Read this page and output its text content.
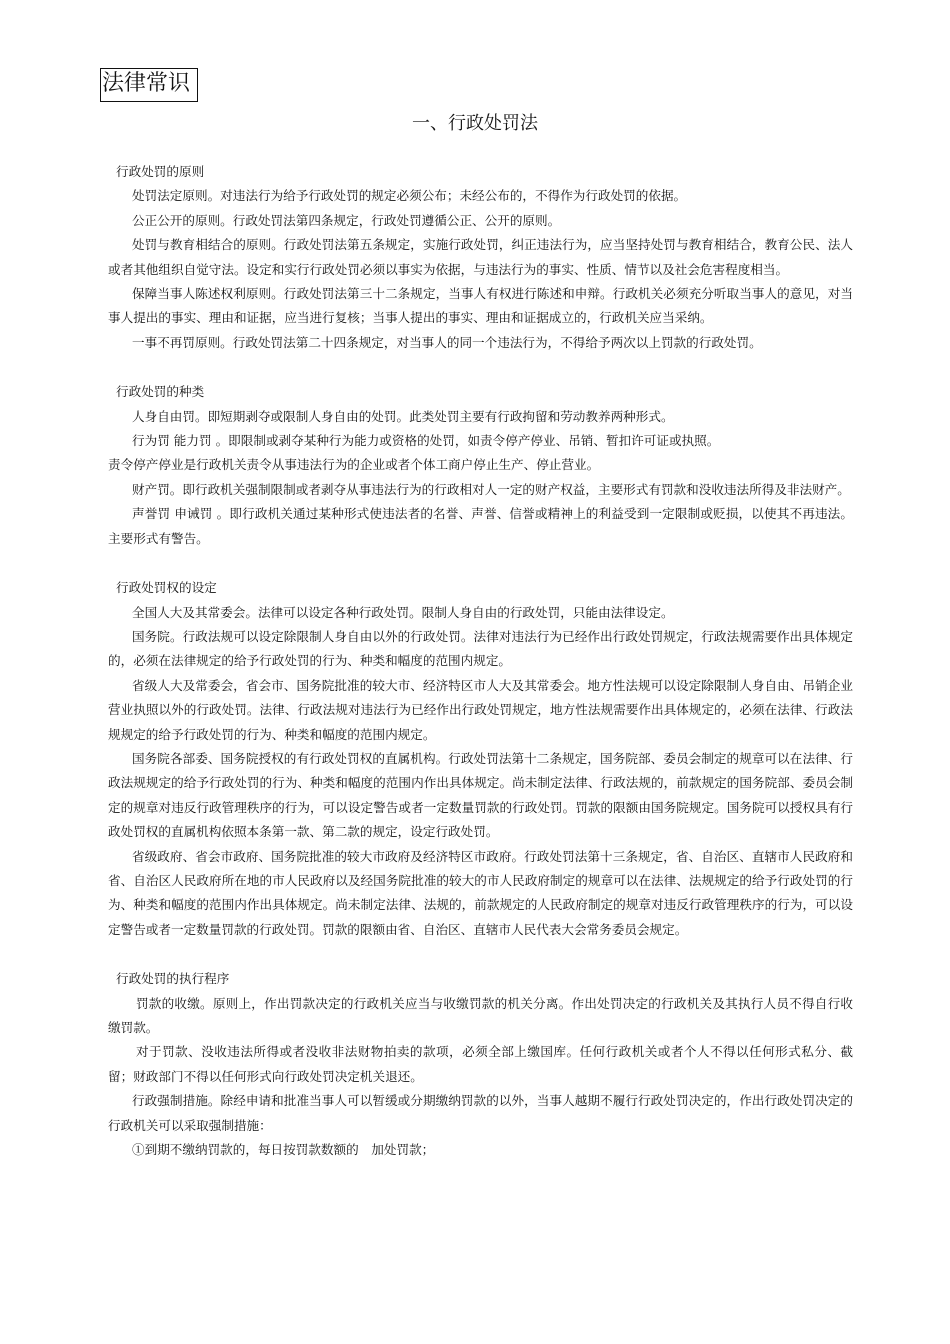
法律常识
一、行政处罚法
行政处罚的原则
处罚法定原则。对违法行为给予行政处罚的规定必须公布；未经公布的，不得作为行政处罚的依据。
公正公开的原则。行政处罚法第四条规定，行政处罚遵循公正、公开的原则。
处罚与教育相结合的原则。行政处罚法第五条规定，实施行政处罚，纠正违法行为，应当坚持处罚与教育相结合，教育公民、法人或者其他组织自觉守法。设定和实行行政处罚必须以事实为依据，与违法行为的事实、性质、情节以及社会危害程度相当。
保障当事人陈述权利原则。行政处罚法第三十二条规定，当事人有权进行陈述和申辩。行政机关必须充分听取当事人的意见，对当事人提出的事实、理由和证据，应当进行复核；当事人提出的事实、理由和证据成立的，行政机关应当采纳。
一事不再罚原则。行政处罚法第二十四条规定，对当事人的同一个违法行为，不得给予两次以上罚款的行政处罚。
行政处罚的种类
人身自由罚。即短期剥夺或限制人身自由的处罚。此类处罚主要有行政拘留和劳动教养两种形式。
行为罚 能力罚 。即限制或剥夺某种行为能力或资格的处罚，如责令停产停业、吊销、暂扣许可证或执照。
责令停产停业是行政机关责令从事违法行为的企业或者个体工商户停止生产、停止营业。
财产罚。即行政机关强制限制或者剥夺从事违法行为的行政相对人一定的财产权益，主要形式有罚款和没收违法所得及非法财产。
声誉罚 申诫罚 。即行政机关通过某种形式使违法者的名誉、声誉、信誉或精神上的利益受到一定限制或贬损，以使其不再违法。主要形式有警告。
行政处罚权的设定
全国人大及其常委会。法律可以设定各种行政处罚。限制人身自由的行政处罚，只能由法律设定。
国务院。行政法规可以设定除限制人身自由以外的行政处罚。法律对违法行为已经作出行政处罚规定，行政法规需要作出具体规定的，必须在法律规定的给予行政处罚的行为、种类和幅度的范围内规定。
省级人大及常委会，省会市、国务院批准的较大市、经济特区市人大及其常委会。地方性法规可以设定除限制人身自由、吊销企业营业执照以外的行政处罚。法律、行政法规对违法行为已经作出行政处罚规定，地方性法规需要作出具体规定的，必须在法律、行政法规规定的给予行政处罚的行为、种类和幅度的范围内规定。
国务院各部委、国务院授权的有行政处罚权的直属机构。行政处罚法第十二条规定，国务院部、委员会制定的规章可以在法律、行政法规规定的给予行政处罚的行为、种类和幅度的范围内作出具体规定。尚未制定法律、行政法规的，前款规定的国务院部、委员会制定的规章对违反行政管理秩序的行为，可以设定警告或者一定数量罚款的行政处罚。罚款的限额由国务院规定。国务院可以授权具有行政处罚权的直属机构依照本条第一款、第二款的规定，设定行政处罚。
省级政府、省会市政府、国务院批准的较大市政府及经济特区市政府。行政处罚法第十三条规定，省、自治区、直辖市人民政府和省、自治区人民政府所在地的市人民政府以及经国务院批准的较大的市人民政府制定的规章可以在法律、法规规定的给予行政处罚的行为、种类和幅度的范围内作出具体规定。尚未制定法律、法规的，前款规定的人民政府制定的规章对违反行政管理秩序的行为，可以设定警告或者一定数量罚款的行政处罚。罚款的限额由省、自治区、直辖市人民代表大会常务委员会规定。
行政处罚的执行程序
罚款的收缴。原则上，作出罚款决定的行政机关应当与收缴罚款的机关分离。作出处罚决定的行政机关及其执行人员不得自行收缴罚款。
对于罚款、没收违法所得或者没收非法财物拍卖的款项，必须全部上缴国库。任何行政机关或者个人不得以任何形式私分、截留；财政部门不得以任何形式向行政处罚决定机关退还。
行政强制措施。除经申请和批准当事人可以暂缓或分期缴纳罚款的以外，当事人越期不履行行政处罚决定的，作出行政处罚决定的行政机关可以采取强制措施：
①到期不缴纳罚款的，每日按罚款数额的　加处罚款；
